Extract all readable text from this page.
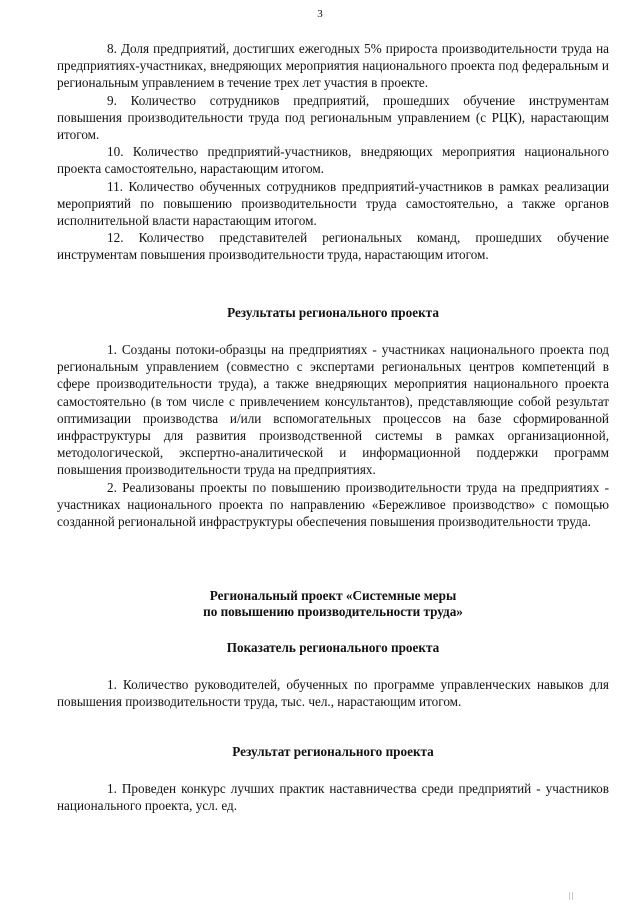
3

8. Доля предприятий, достигших ежегодных 5% прироста производительности труда на предприятиях-участниках, внедряющих мероприятия национального проекта под федеральным и региональным управлением в течение трех лет участия в проекте.

9. Количество сотрудников предприятий, прошедших обучение инструментам повышения производительности труда под региональным управлением (с РЦК), нарастающим итогом.

10. Количество предприятий-участников, внедряющих мероприятия национального проекта самостоятельно, нарастающим итогом.

11. Количество обученных сотрудников предприятий-участников в рамках реализации мероприятий по повышению производительности труда самостоятельно, а также органов исполнительной власти нарастающим итогом.

12. Количество представителей региональных команд, прошедших обучение инструментам повышения производительности труда, нарастающим итогом.

Результаты регионального проекта

1. Созданы потоки-образцы на предприятиях - участниках национального проекта под региональным управлением (совместно с экспертами региональных центров компетенций в сфере производительности труда), а также внедряющих мероприятия национального проекта самостоятельно (в том числе с привлечением консультантов), представляющие собой результат оптимизации производства и/или вспомогательных процессов на базе сформированной инфраструктуры для развития производственной системы в рамках организационной, методологической, экспертно-аналитической и информационной поддержки программ повышения производительности труда на предприятиях.

2. Реализованы проекты по повышению производительности труда на предприятиях - участниках национального проекта по направлению «Бережливое производство» с помощью созданной региональной инфраструктуры обеспечения повышения производительности труда.

Региональный проект «Системные меры
по повышению производительности труда»
Показатель регионального проекта

1. Количество руководителей, обученных по программе управленческих навыков для повышения производительности труда, тыс. чел., нарастающим итогом.

Результат регионального проекта

1. Проведен конкурс лучших практик наставничества среди предприятий - участников национального проекта, усл. ед.

||
